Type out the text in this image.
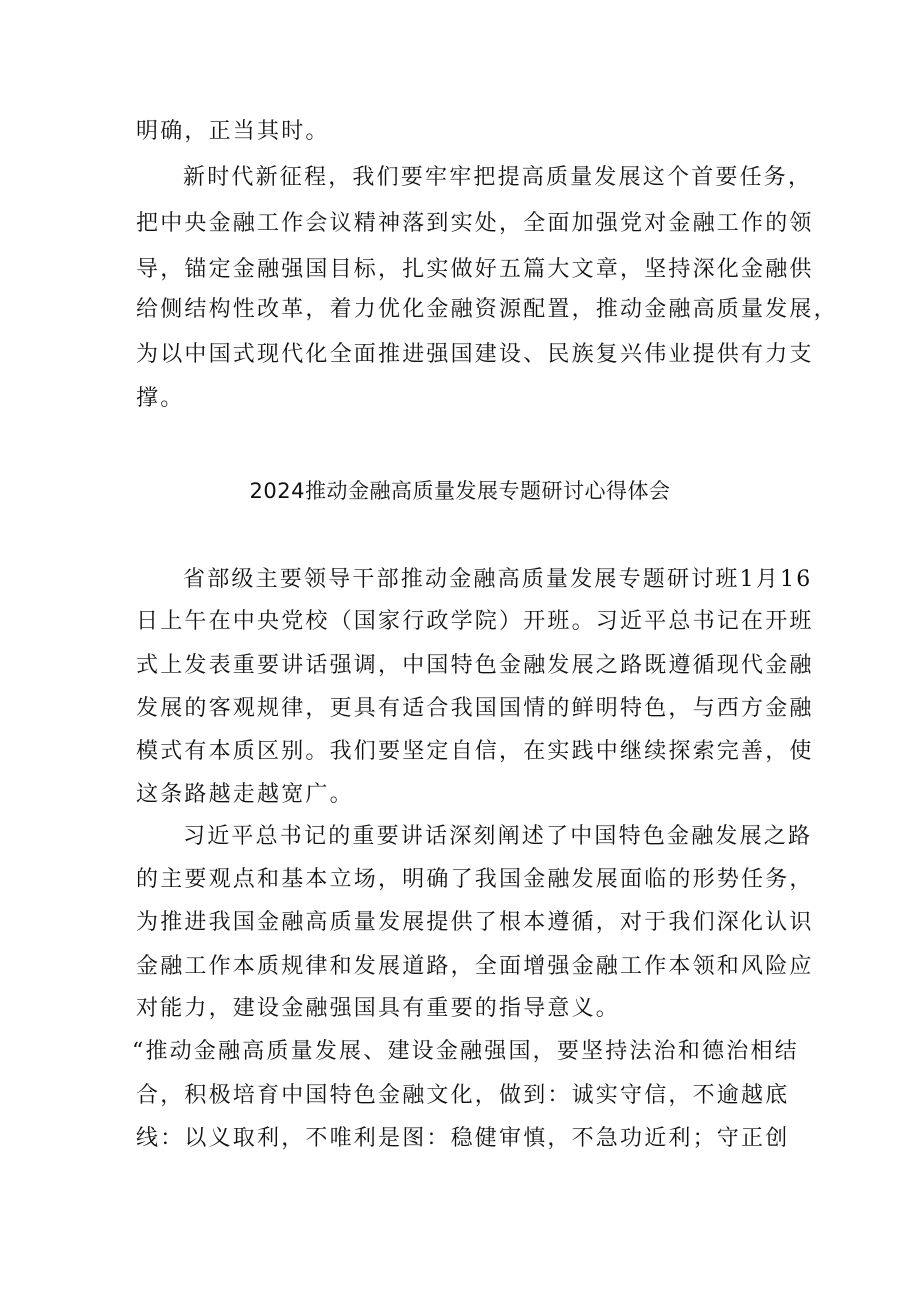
明确，正当其时。
新时代新征程，我们要牢牢把提高质量发展这个首要任务，
把中央金融工作会议精神落到实处，全面加强党对金融工作的领
导，锚定金融强国目标，扎实做好五篇大文章，坚持深化金融供
给侧结构性改革，着力优化金融资源配置，推动金融高质量发展，
为以中国式现代化全面推进强国建设、民族复兴伟业提供有力支
撑。
2024推动金融高质量发展专题研讨心得体会
省部级主要领导干部推动金融高质量发展专题研讨班1月16
日上午在中央党校（国家行政学院）开班。习近平总书记在开班
式上发表重要讲话强调，中国特色金融发展之路既遵循现代金融
发展的客观规律，更具有适合我国国情的鲜明特色，与西方金融
模式有本质区别。我们要坚定自信，在实践中继续探索完善，使
这条路越走越宽广。
习近平总书记的重要讲话深刻阐述了中国特色金融发展之路
的主要观点和基本立场，明确了我国金融发展面临的形势任务，
为推进我国金融高质量发展提供了根本遵循，对于我们深化认识
金融工作本质规律和发展道路，全面增强金融工作本领和风险应
对能力，建设金融强国具有重要的指导意义。
“推动金融高质量发展、建设金融强国，要坚持法治和德治相结
合，积极培育中国特色金融文化，做到：诚实守信，不逾越底
线：以义取利，不唯利是图：稳健审慎，不急功近利；守正创
